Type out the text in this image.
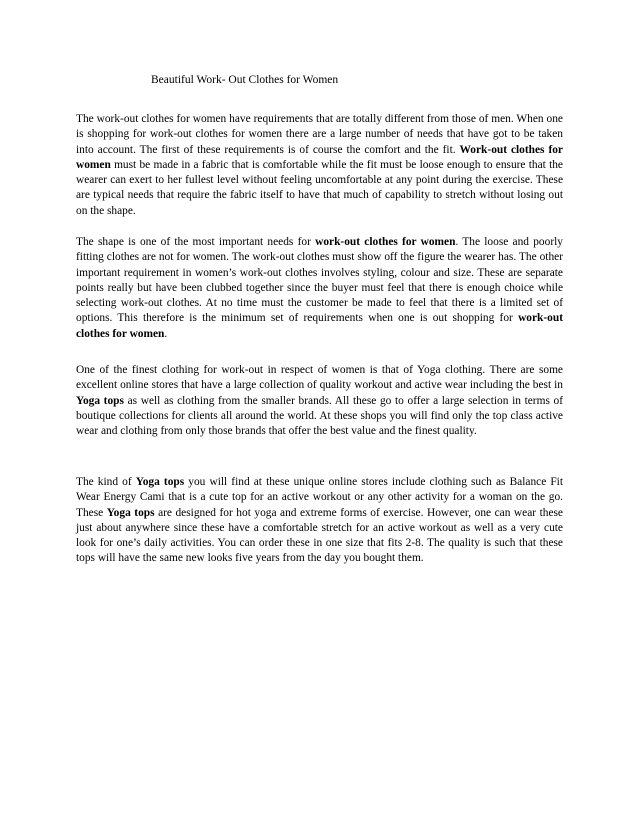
Beautiful Work- Out Clothes for Women

The work-out clothes for women have requirements that are totally different from those of men. When one is shopping for work-out clothes for women there are a large number of needs that have got to be taken into account. The first of these requirements is of course the comfort and the fit. Work-out clothes for women must be made in a fabric that is comfortable while the fit must be loose enough to ensure that the wearer can exert to her fullest level without feeling uncomfortable at any point during the exercise. These are typical needs that require the fabric itself to have that much of capability to stretch without losing out on the shape.

The shape is one of the most important needs for work-out clothes for women. The loose and poorly fitting clothes are not for women. The work-out clothes must show off the figure the wearer has. The other important requirement in women’s work-out clothes involves styling, colour and size. These are separate points really but have been clubbed together since the buyer must feel that there is enough choice while selecting work-out clothes. At no time must the customer be made to feel that there is a limited set of options. This therefore is the minimum set of requirements when one is out shopping for work-out clothes for women.

One of the finest clothing for work-out in respect of women is that of Yoga clothing. There are some excellent online stores that have a large collection of quality workout and active wear including the best in Yoga tops as well as clothing from the smaller brands. All these go to offer a large selection in terms of boutique collections for clients all around the world. At these shops you will find only the top class active wear and clothing from only those brands that offer the best value and the finest quality.

The kind of Yoga tops you will find at these unique online stores include clothing such as Balance Fit Wear Energy Cami that is a cute top for an active workout or any other activity for a woman on the go. These Yoga tops are designed for hot yoga and extreme forms of exercise. However, one can wear these just about anywhere since these have a comfortable stretch for an active workout as well as a very cute look for one’s daily activities. You can order these in one size that fits 2-8. The quality is such that these tops will have the same new looks five years from the day you bought them.
